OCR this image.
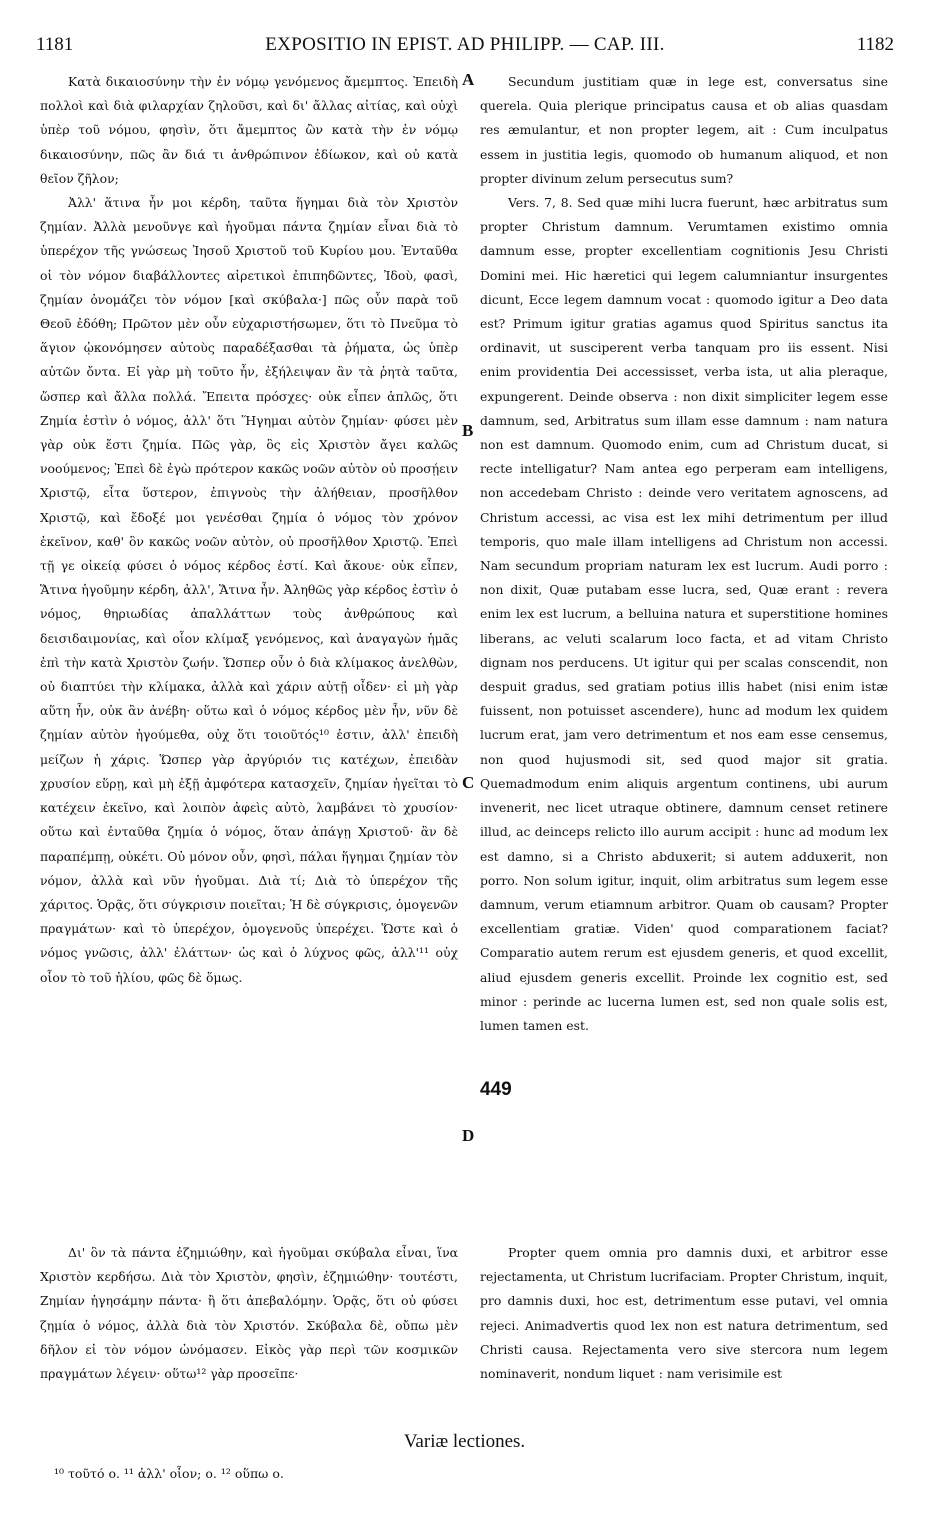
1181	EXPOSITIO IN EPIST. AD PHILIPP. — CAP. III.	1182

Κατὰ δικαιοσύνην τὴν ἐν νόμῳ γενόμενος ἄμεμπτος. Ἐπειδὴ πολλοὶ καὶ διὰ φιλαρχίαν ζηλοῦσι, καὶ δι' ἄλλας αἰτίας, καὶ οὐχὶ ὑπὲρ τοῦ νόμου, φησὶν, ὅτι ἄμεμπτος ὢν κατὰ τὴν ἐν νόμῳ δικαιοσύνην, πῶς ἂν διά τι ἀνθρώπινον ἐδίωκον, καὶ οὐ κατὰ θεῖον ζῆλον;

Ἀλλ' ἅτινα ἦν μοι κέρδη, ταῦτα ἥγημαι διὰ τὸν Χριστὸν ζημίαν. Ἀλλὰ μενοῦνγε καὶ ἡγοῦμαι πάντα ζημίαν εἶναι διὰ τὸ ὑπερέχον τῆς γνώσεως Ἰησοῦ Χριστοῦ τοῦ Κυρίου μου. Ἐνταῦθα οἱ τὸν νόμον διαβάλλοντες αἱρετικοὶ ἐπιπηδῶντες, Ἰδοὺ, φασὶ, ζημίαν ὀνομάζει τὸν νόμον [καὶ σκύβαλα·] πῶς οὖν παρὰ τοῦ Θεοῦ ἐδόθη; Πρῶτον μὲν οὖν εὐχαριστήσωμεν, ὅτι τὸ Πνεῦμα τὸ ἅγιον ᾠκονόμησεν αὐτοὺς παραδέξασθαι τὰ ῥήματα, ὡς ὑπὲρ αὐτῶν ὄντα. Εἰ γὰρ μὴ τοῦτο ἦν, ἐξήλειψαν ἂν τὰ ῥητὰ ταῦτα, ὥσπερ καὶ ἄλλα πολλά. Ἔπειτα πρόσχες· οὐκ εἶπεν ἁπλῶς, ὅτι Ζημία ἐστὶν ὁ νόμος, ἀλλ' ὅτι Ἥγημαι αὐτὸν ζημίαν· φύσει μὲν γὰρ οὐκ ἔστι ζημία. Πῶς γὰρ, ὃς εἰς Χριστὸν ἄγει καλῶς νοούμενος; Ἐπεὶ δὲ ἐγὼ πρότερον κακῶς νοῶν αὐτὸν οὐ προσῄειν Χριστῷ, εἶτα ὕστερον, ἐπιγνοὺς τὴν ἀλήθειαν, προσῆλθον Χριστῷ, καὶ ἔδοξέ μοι γενέσθαι ζημία ὁ νόμος τὸν χρόνον ἐκεῖνον, καθ' ὃν κακῶς νοῶν αὐτὸν, οὐ προσῆλθον Χριστῷ. Ἐπεὶ τῇ γε οἰκείᾳ φύσει ὁ νόμος κέρδος ἐστί. Καὶ ἄκουε· οὐκ εἶπεν, Ἅτινα ἡγοῦμην κέρδη, ἀλλ', Ἅτινα ἦν. Ἀληθῶς γὰρ κέρδος ἐστὶν ὁ νόμος, θηριωδίας ἀπαλλάττων τοὺς ἀνθρώπους καὶ δεισιδαιμονίας, καὶ οἷον κλίμαξ γενόμενος, καὶ ἀναγαγὼν ἡμᾶς ἐπὶ τὴν κατὰ Χριστὸν ζωήν. Ὥσπερ οὖν ὁ διὰ κλίμακος ἀνελθὼν, οὐ διαπτύει τὴν κλίμακα, ἀλλὰ καὶ χάριν αὐτῇ οἶδεν· εἰ μὴ γὰρ αὕτη ἦν, οὐκ ἂν ἀνέβη· οὕτω καὶ ὁ νόμος κέρδος μὲν ἦν, νῦν δὲ ζημίαν αὐτὸν ἡγούμεθα, οὐχ ὅτι τοιοῦτός¹⁰ ἐστιν, ἀλλ' ἐπειδὴ μείζων ἡ χάρις. Ὥσπερ γὰρ ἀργύριόν τις κατέχων, ἐπειδὰν χρυσίον εὕρῃ, καὶ μὴ ἐξῇ ἀμφότερα κατασχεῖν, ζημίαν ἡγεῖται τὸ κατέχειν ἐκεῖνο, καὶ λοιπὸν ἀφεὶς αὐτὸ, λαμβάνει τὸ χρυσίον· οὕτω καὶ ἐνταῦθα ζημία ὁ νόμος, ὅταν ἀπάγῃ Χριστοῦ· ἂν δὲ παραπέμπῃ, οὐκέτι. Οὐ μόνον οὖν, φησὶ, πάλαι ἥγημαι ζημίαν τὸν νόμον, ἀλλὰ καὶ νῦν ἡγοῦμαι. Διὰ τί; Διὰ τὸ ὑπερέχον τῆς χάριτος. Ὁρᾷς, ὅτι σύγκρισιν ποιεῖται; Ἡ δὲ σύγκρισις, ὁμογενῶν πραγμάτων· καὶ τὸ ὑπερέχον, ὁμογενοῦς ὑπερέχει. Ὥστε καὶ ὁ νόμος γνῶσις, ἀλλ' ἐλάττων· ὡς καὶ ὁ λύχνος φῶς, ἀλλ'¹¹ οὐχ οἷον τὸ τοῦ ἡλίου, φῶς δὲ ὅμως.

Secundum justitiam quæ in lege est, conversatus sine querela. Quia plerique principatus causa et ob alias quasdam res æmulantur, et non propter legem, ait : Cum inculpatus essem in justitia legis, quomodo ob humanum aliquod, et non propter divinum zelum persecutus sum?

Vers. 7, 8. Sed quæ mihi lucra fuerunt, hæc arbitratus sum propter Christum damnum. Verumtamen existimo omnia damnum esse, propter excellentiam cognitionis Jesu Christi Domini mei. Hic hæretici qui legem calumniantur insurgentes dicunt, Ecce legem damnum vocat : quomodo igitur a Deo data est? Primum igitur gratias agamus quod Spiritus sanctus ita ordinavit, ut susciperent verba tanquam pro iis essent. Nisi enim providentia Dei accessisset, verba ista, ut alia pleraque, expungerent. Deinde observa : non dixit simpliciter legem esse damnum, sed, Arbitratus sum illam esse damnum : nam natura non est damnum. Quomodo enim, cum ad Christum ducat, si recte intelligatur? Nam antea ego perperam eam intelligens, non accedebam Christo : deinde vero veritatem agnoscens, ad Christum accessi, ac visa est lex mihi detrimentum per illud temporis, quo male illam intelligens ad Christum non accessi. Nam secundum propriam naturam lex est lucrum. Audi porro : non dixit, Quæ putabam esse lucra, sed, Quæ erant : revera enim lex est lucrum, a belluina natura et superstitione homines liberans, ac veluti scalarum loco facta, et ad vitam Christo dignam nos perducens. Ut igitur qui per scalas conscendit, non despuit gradus, sed gratiam potius illis habet (nisi enim istæ fuissent, non potuisset ascendere), hunc ad modum lex quidem lucrum erat, jam vero detrimentum et nos eam esse censemus, non quod hujusmodi sit, sed quod major sit gratia. Quemadmodum enim aliquis argentum continens, ubi aurum invenerit, nec licet utraque obtinere, damnum censet retinere illud, ac deinceps relicto illo aurum accipit : hunc ad modum lex est damno, si a Christo abduxerit; si autem adduxerit, non porro. Non solum igitur, inquit, olim arbitratus sum legem esse damnum, verum etiamnum arbitror. Quam ob causam? Propter excellentiam gratiæ. Viden' quod comparationem faciat? Comparatio autem rerum est ejusdem generis, et quod excellit, aliud ejusdem generis excellit. Proinde lex cognitio est, sed minor : perinde ac lucerna lumen est, sed non quale solis est, lumen tamen est.

Δι' ὃν τὰ πάντα ἐζημιώθην, καὶ ἡγοῦμαι σκύβαλα εἶναι, ἵνα Χριστὸν κερδήσω. Διὰ τὸν Χριστὸν, φησὶν, ἐζημιώθην· τουτέστι, Ζημίαν ἡγησάμην πάντα· ἢ ὅτι ἀπεβαλόμην. Ὁρᾷς, ὅτι οὐ φύσει ζημία ὁ νόμος, ἀλλὰ διὰ τὸν Χριστόν. Σκύβαλα δὲ, οὔπω μὲν δῆλον εἰ τὸν νόμον ὠνόμασεν. Εἰκὸς γὰρ περὶ τῶν κοσμικῶν πραγμάτων λέγειν· οὕτω¹² γὰρ προσεῖπε·

Propter quem omnia pro damnis duxi, et arbitror esse rejectamenta, ut Christum lucrifaciam. Propter Christum, inquit, pro damnis duxi, hoc est, detrimentum esse putavi, vel omnia rejeci. Animadvertis quod lex non est natura detrimentum, sed Christi causa. Rejectamenta vero sive stercora num legem nominaverit, nondum liquet : nam verisimile est

A
B
C
D
449
Variæ lectiones.
¹⁰ τοῦτό ο. ¹¹ ἀλλ' οἷον; ο. ¹² οὕπω ο.
